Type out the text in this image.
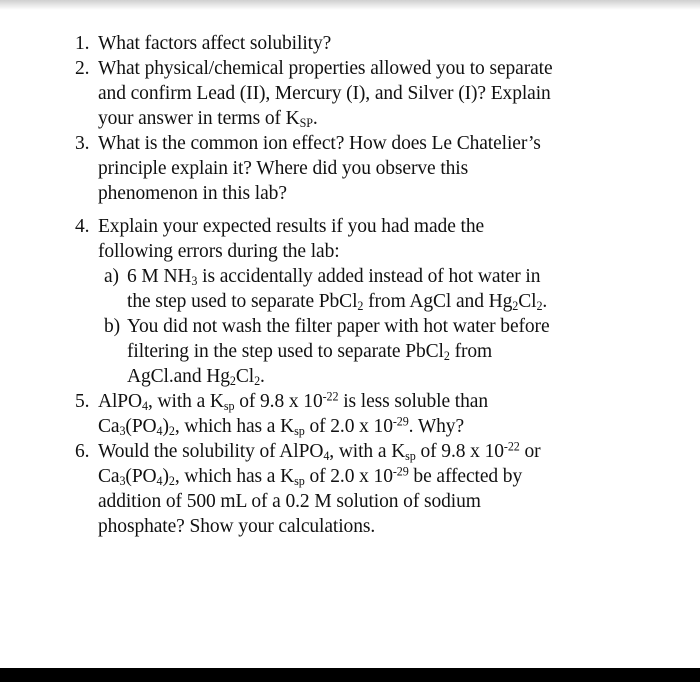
1. What factors affect solubility?
2. What physical/chemical properties allowed you to separate
and confirm Lead (II), Mercury (I), and Silver (I)? Explain
your answer in terms of $K_{SP}$.
3. What is the common ion effect? How does Le Chatelier’s
principle explain it? Where did you observe this
phenomenon in this lab?
4. Explain your expected results if you had made the
following errors during the lab:
a) 6 M $NH_3$ is accidentally added instead of hot water in
the step used to separate PbCl$_2$ from AgCl and $Hg_2Cl_2$.
b) You did not wash the filter paper with hot water before
filtering in the step used to separate PbCl$_2$ from
AgCl.and $Hg_2Cl_2$.
5. AlPO$_4$, with a $K_{sp}$ of 9.8 x $10^{-22}$ is less soluble than
$Ca_3(PO_4)_2$, which has a $K_{sp}$ of 2.0 x $10^{-29}$. Why?
6. Would the solubility of AlPO$_4$, with a $K_{sp}$ of 9.8 x $10^{-22}$ or
$Ca_3(PO_4)_2$, which has a $K_{sp}$ of 2.0 x $10^{-29}$ be affected by
addition of 500 mL of a 0.2 M solution of sodium
phosphate? Show your calculations.
